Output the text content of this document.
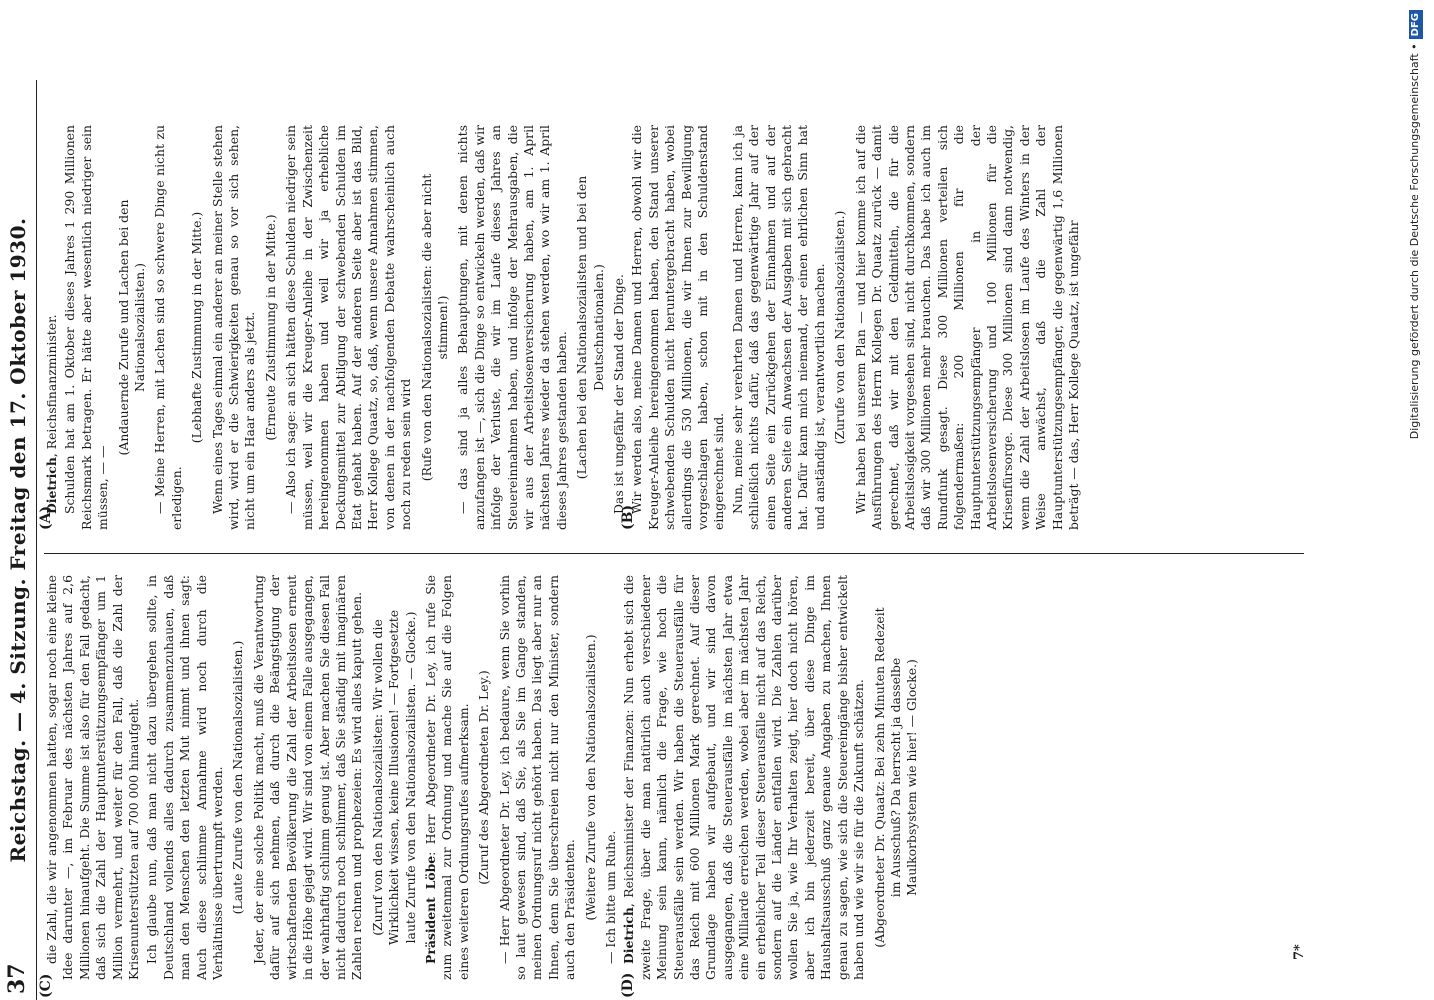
37
Reichstag. — 4. Sitzung. Freitag den 17. Oktober 1930. die Zahl, die wir angenommen hatten, sogar noch eine kleine Idee darunter —, im Februar des nächsten Jahres auf 2,6 Millionen hinaufgeht. Die Summe ist also für den Fall gedacht, daß sich die Zahl der Hauptunterstützungsempfänger um 1 Million vermehrt, und weiter für den Fall, daß die Zahl der Krisenunterstützten auf 700 000 hinaufgeht. Ich glaube nun, daß man nicht dazu übergehen sollte, in Deutschland vollends alles dadurch zusammenzuhauen, daß man den Menschen den letzten Mut nimmt und ihnen sagt: Auch diese schlimme Annahme wird noch durch die Verhältnisse übertrumpft werden. (Laute Zurufe von den Nationalsozialisten.) Jeder, der eine solche Politik macht, muß die Verantwortung dafür auf sich nehmen, daß durch die Beängstigung der wirtschaftenden Bevölkerung die Zahl der Arbeitslosen erneut in die Höhe gejagt wird. Wir sind von einem Falle ausgegangen, der wahrhaftig schlimm genug ist. Aber machen Sie diesen Fall nicht dadurch noch schlimmer, daß Sie ständig mit imaginären Zahlen rechnen und prophezeien: Es wird alles kaputt gehen. (Zuruf von den Nationalsozialisten: Wir wollen die Wirklichkeit wissen, keine Illusionen! — Fortgesetzte laute Zurufe von den Nationalsozialisten. — Glocke.) Präsident Löbe: Herr Abgeordneter Dr. Ley, ich rufe Sie zum zweitenmal zur Ordnung und mache Sie auf die Folgen eines weiteren Ordnungsrufes aufmerksam. (Zuruf des Abgeordneten Dr. Ley.) — Herr Abgeordneter Dr. Ley, ich bedaure, wenn Sie vorhin so laut gewesen sind, daß Sie, als Sie im Gange standen, meinen Ordnungsruf nicht gehört haben. Das liegt aber nur an Ihnen, denn Sie überschreien nicht nur den Minister, sondern auch den Präsidenten. (Weitere Zurufe von den Nationalsozialisten.) — Ich bitte um Ruhe. Dietrich, Reichsminister der Finanzen: Nun erhebt sich die zweite Frage, über die man natürlich auch verschiedener Meinung sein kann, nämlich die Frage, wie hoch die Steuerausfälle sein werden. Wir haben die Steuerausfälle für das Reich mit 600 Millionen Mark gerechnet. Auf dieser Grundlage haben wir aufgebaut, und wir sind davon ausgegangen, daß die Steuerausfälle im nächsten Jahr etwa eine Milliarde erreichen werden, wobei aber im nächsten Jahr ein erheblicher Teil dieser Steuerausfälle nicht auf das Reich, sondern auf die Länder entfallen wird. Die Zahlen darüber wollen Sie ja, wie Ihr Verhalten zeigt, hier doch nicht hören, aber ich bin jederzeit bereit, über diese Dinge im Haushaltsausschuß ganz genaue Angaben zu machen, Ihnen genau zu sagen, wie sich die Steuereingänge bisher entwickelt haben und wie wir sie für die Zukunft schätzen. (Abgeordneter Dr. Quaatz: Bei zehn Minuten Redezeit im Ausschuß? Da herrscht ja dasselbe Maulkorbsystem wie hier! — Glocke.)

Dietrich, Reichsfinanzminister. Schulden hat am 1. Oktober dieses Jahres 1 290 Millionen Reichsmark betragen. Er hätte aber wesentlich niedriger sein müssen, — —

(Andauernde Zurufe und Lachen bei den Nationalsozialisten.) — Meine Herren, mit Lachen sind so schwere Dinge nicht zu erledigen.

(Lebhafte Zustimmung in der Mitte.) Wenn eines Tages einmal ein anderer an meiner Stelle stehen wird, wird er die Schwierigkeiten genau so vor sich sehen, nicht um ein Haar anders als jetzt. (Erneute Zustimmung in der Mitte.) — Also ich sage: an sich hätten diese Schulden niedriger sein müssen, weil wir die Kreuger-Anleihe in der Zwischenzeit hereingenommen haben und weil wir ja erhebliche Deckungsmittel zur Abtilgung der schwebenden Schulden im Etat gehabt haben. Auf der anderen Seite aber ist das Bild, Herr Kollege Quaatz, so, daß, wenn unsere Annahmen stimmen, von denen in der nachfolgenden Debatte wahrscheinlich auch noch zu reden sein wird (Rufe von den Nationalsozialisten: die aber nicht stimmen!) — das sind ja alles Behauptungen, mit denen nichts anzufangen ist —, sich die Dinge so entwickeln werden, daß wir infolge der Verluste, die wir im Laufe dieses Jahres an Steuereinnahmen haben, und infolge der Mehrausgaben, die wir aus der Arbeitslosenversicherung haben, am 1. April nächsten Jahres wieder da stehen werden, wo wir am 1. April dieses Jahres gestanden haben. (Lachen bei den Nationalsozialisten und bei den Deutschnationalen.) Das ist ungefähr der Stand der Dinge. Wir werden also, meine Damen und Herren, obwohl wir die Kreuger-Anleihe hereingenommen haben, den Stand unserer schwebenden Schulden nicht heruntergebracht haben, wobei allerdings die 530 Millionen, die wir Ihnen zur Bewilligung vorgeschlagen haben, schon mit in den Schuldenstand eingerechnet sind. Nun, meine sehr verehrten Damen und Herren, kann ich ja schließlich nichts dafür, daß das gegenwärtige Jahr auf der einen Seite ein Zurückgehen der Einnahmen und auf der anderen Seite ein Anwachsen der Ausgaben mit sich gebracht hat. Dafür kann mich niemand, der einen ehrlichen Sinn hat und anständig ist, verantwortlich machen. (Zurufe von den Nationalsozialisten.) Wir haben bei unserem Plan — und hier komme ich auf die Ausführungen des Herrn Kollegen Dr. Quaatz zurück — damit gerechnet, daß wir mit den Geldmitteln, die für die Arbeitslosigkeit vorgesehen sind, nicht durchkommen, sondern daß wir 300 Millionen mehr brauchen. Das habe ich auch im Rundfunk gesagt. Diese 300 Millionen verteilen sich folgendermaßen: 200 Millionen für die Hauptunterstützungsempfänger in der Arbeitslosenversicherung und 100 Millionen für die Krisenfürsorge. Diese 300 Millionen sind dann notwendig, wenn die Zahl der Arbeitslosen im Laufe des Winters in der Weise anwächst, daß die Zahl der Hauptunterstützungsempfänger, die gegenwärtig 1,6 Millionen beträgt — das, Herr Kollege Quaatz, ist ungefähr

(A)	(B)
(C)	(D)
7*
Digitalisierung gefördert durch die Deutsche Forschungsgemeinschaft •DFG
